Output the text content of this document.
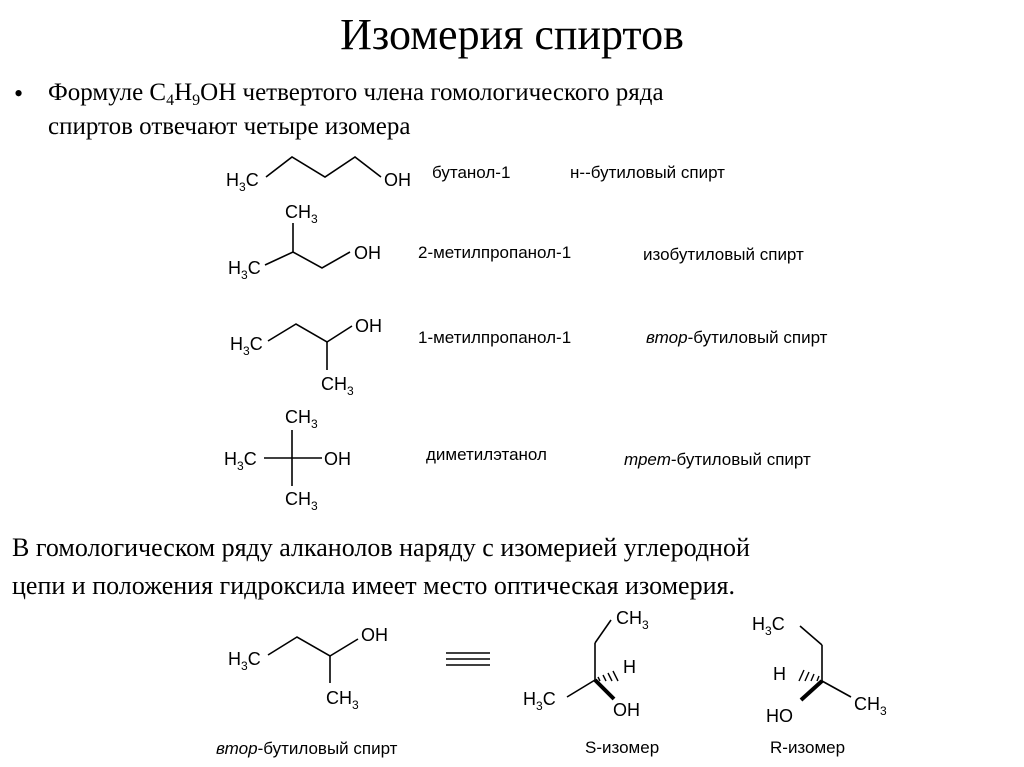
Изомерия спиртов
• Формуле $С_4Н_9ОН$ четвертого члена гомологического ряда
спиртов отвечают четыре изомера
В гомологическом ряду алканолов наряду с изомерией углеродной
цепи и положения гидроксила имеет место оптическая изомерия.
$H_3C$	OH бутанол-1	н--бутиловый спирт
$CH_3$
$H_3C$
OH 2-метилпропанол-1	изобутиловый спирт
$H_3C$
OH
$CH_3$
1-метилпропанол-1	втор-бутиловый спирт
$CH_3$
$H_3C$	OH
$CH_3$
диметилэтанол	трет-бутиловый спирт
$H_3C$
OH
$CH_3$
втор-бутиловый спирт
$CH_3$
H
$H_3C$
OH
S-изомер
$H_3C$
H
HO
$CH_3$
R-изомер
